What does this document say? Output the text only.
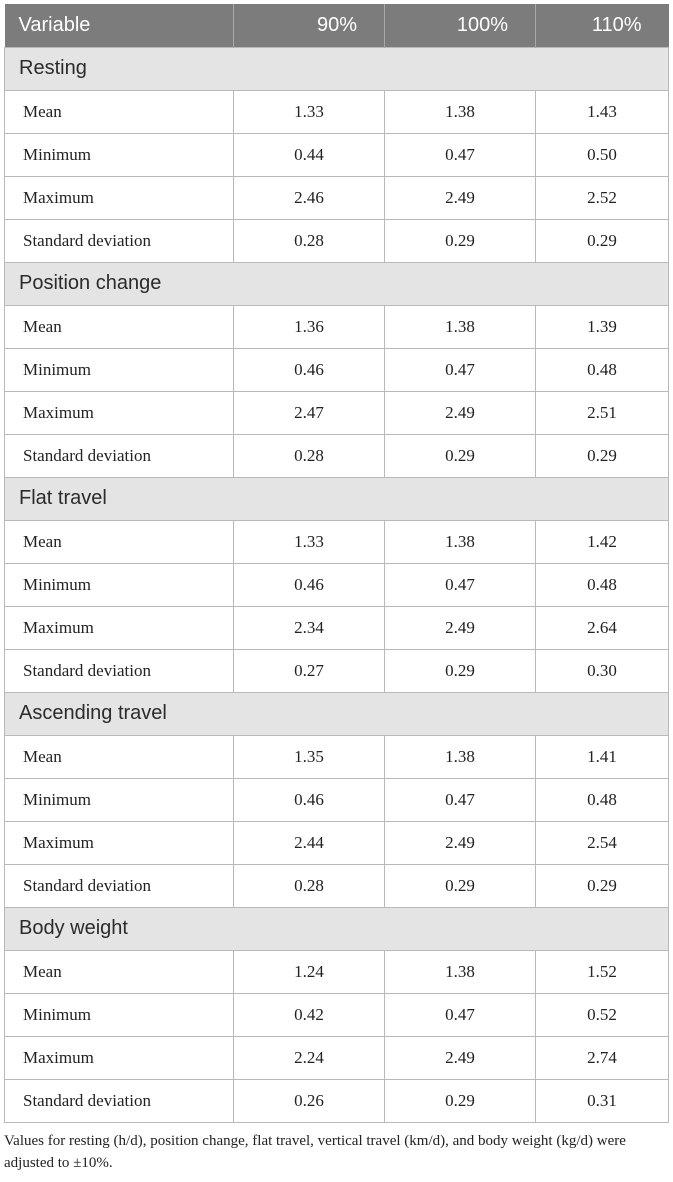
Variable	90%	100%	110%
Resting			
Mean	1.33	1.38	1.43
Minimum	0.44	0.47	0.50
Maximum	2.46	2.49	2.52
Standard deviation	0.28	0.29	0.29
Position change			
Mean	1.36	1.38	1.39
Minimum	0.46	0.47	0.48
Maximum	2.47	2.49	2.51
Standard deviation	0.28	0.29	0.29
Flat travel			
Mean	1.33	1.38	1.42
Minimum	0.46	0.47	0.48
Maximum	2.34	2.49	2.64
Standard deviation	0.27	0.29	0.30
Ascending travel			
Mean	1.35	1.38	1.41
Minimum	0.46	0.47	0.48
Maximum	2.44	2.49	2.54
Standard deviation	0.28	0.29	0.29
Body weight			
Mean	1.24	1.38	1.52
Minimum	0.42	0.47	0.52
Maximum	2.24	2.49	2.74
Standard deviation	0.26	0.29	0.31
Values for resting (h/d), position change, flat travel, vertical travel (km/d), and body weight (kg/d) were adjusted to ±10%.
